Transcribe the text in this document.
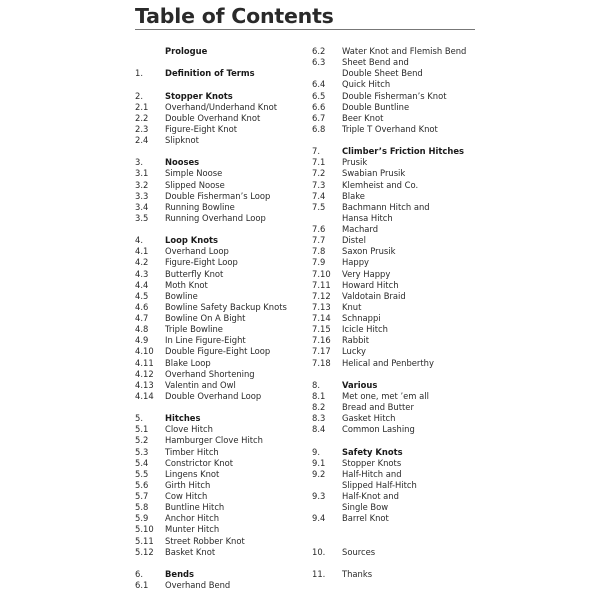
Table of Contents
Prologue
1.	Definition of Terms
2.	Stopper Knots
2.1 Overhand/Underhand Knot
2.2 Double Overhand Knot
2.3 Figure-Eight Knot
2.4 Slipknot
3.	Nooses
3.1 Simple Noose
3.2 Slipped Noose
3.3 Double Fisherman’s Loop
3.4 Running Bowline
3.5 Running Overhand Loop
4.	Loop Knots
4.1 Overhand Loop
4.2 Figure-Eight Loop
4.3 Butterfly Knot
4.4 Moth Knot
4.5 Bowline
4.6 Bowline Safety Backup Knots
4.7 Bowline On A Bight
4.8 Triple Bowline
4.9 In Line Figure-Eight
4.10 Double Figure-Eight Loop
4.11 Blake Loop
4.12 Overhand Shortening
4.13 Valentin and Owl
4.14 Double Overhand Loop
5.	Hitches
5.1 Clove Hitch
5.2 Hamburger Clove Hitch
5.3 Timber Hitch
5.4 Constrictor Knot
5.5 Lingens Knot
5.6 Girth Hitch
5.7 Cow Hitch
5.8 Buntline Hitch
5.9 Anchor Hitch
5.10 Munter Hitch
5.11 Street Robber Knot
5.12 Basket Knot
6.	Bends
6.1 Overhand Bend
6.2 Water Knot and Flemish Bend
6.3 Sheet Bend and
Double Sheet Bend
6.4 Quick Hitch
6.5 Double Fisherman’s Knot
6.6 Double Buntline
6.7 Beer Knot
6.8 Triple T Overhand Knot
7.	Climber’s Friction Hitches
7.1 Prusik
7.2 Swabian Prusik
7.3 Klemheist and Co.
7.4 Blake
7.5 Bachmann Hitch and
Hansa Hitch
7.6 Machard
7.7 Distel
7.8 Saxon Prusik
7.9 Happy
7.10 Very Happy
7.11 Howard Hitch
7.12 Valdotain Braid
7.13 Knut
7.14 Schnappi
7.15 Icicle Hitch
7.16 Rabbit
7.17 Lucky
7.18 Helical and Penberthy
8.	Various
8.1 Met one, met ’em all
8.2 Bread and Butter
8.3 Gasket Hitch
8.4 Common Lashing
9.	Safety Knots
9.1 Stopper Knots
9.2 Half-Hitch and
Slipped Half-Hitch
9.3 Half-Knot and
Single Bow
9.4 Barrel Knot
10. Sources
11. Thanks
